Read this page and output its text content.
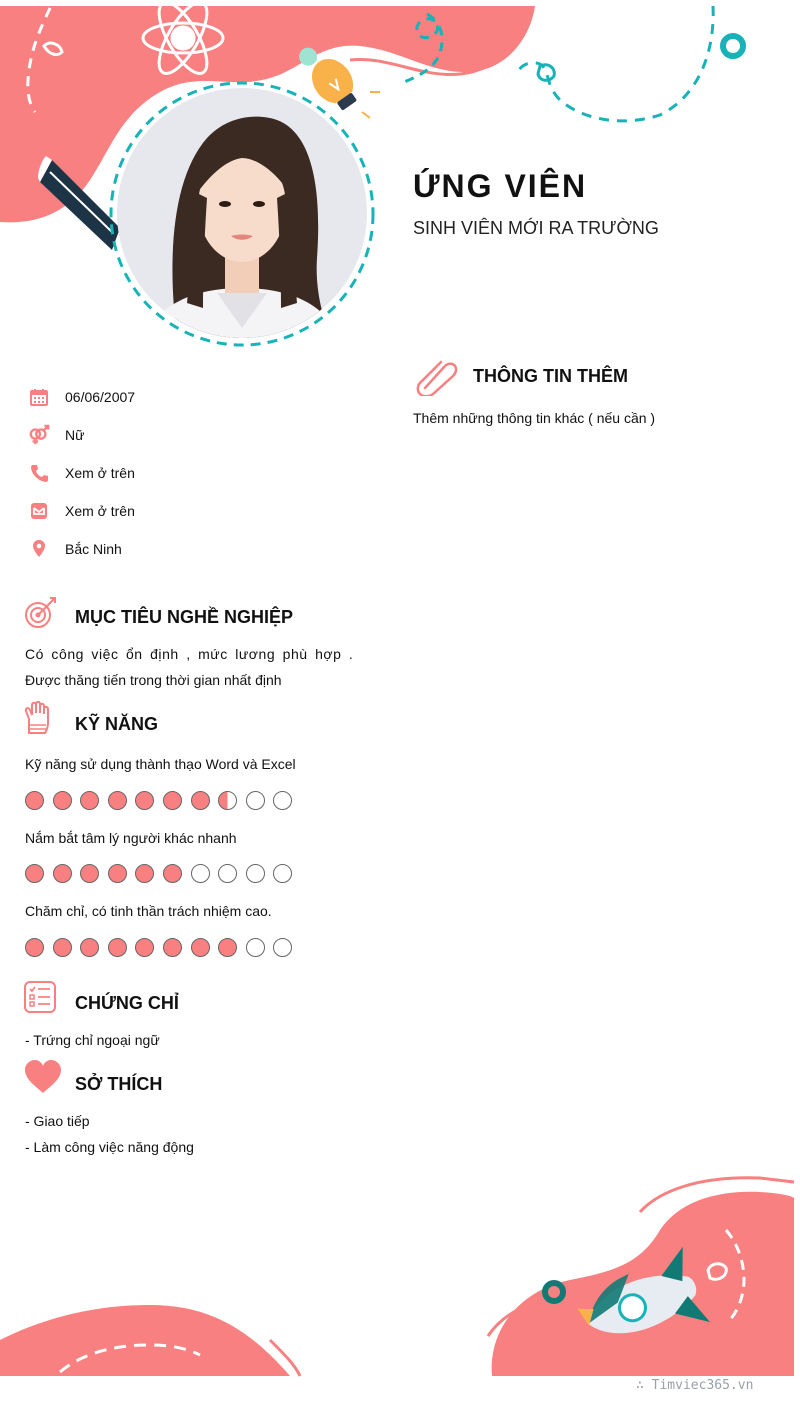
ỨNG VIÊN
SINH VIÊN MỚI RA TRƯỜNG
06/06/2007
Nữ
Xem ở trên
Xem ở trên
Bắc Ninh
MỤC TIÊU NGHỀ NGHIỆP
Có công việc ổn định , mức lương phù hợp .
Được thăng tiến trong thời gian nhất định
KỸ NĂNG
Kỹ năng sử dụng thành thạo Word và Excel
Nắm bắt tâm lý người khác nhanh
Chăm chỉ, có tinh thần trách nhiệm cao.
CHỨNG CHỈ
- Trứng chỉ ngoại ngữ
SỞ THÍCH
- Giao tiếp
- Làm công việc năng động
THÔNG TIN THÊM
Thêm những thông tin khác ( nếu cần )
∴ Timviec365.vn
